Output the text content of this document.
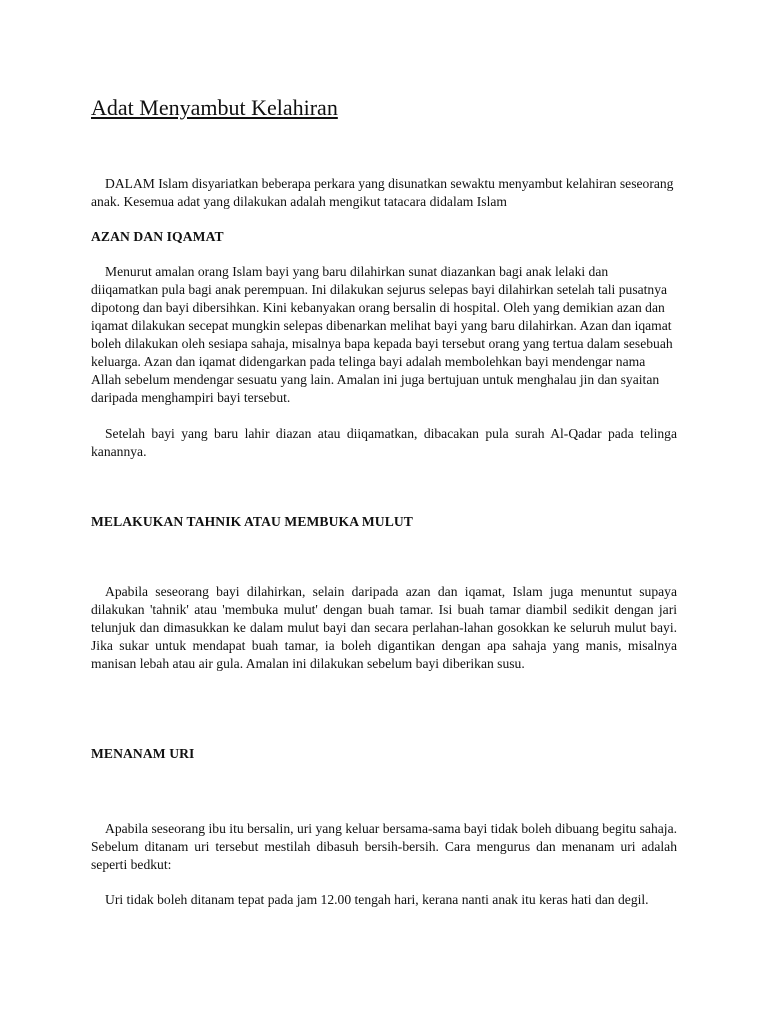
Adat Menyambut Kelahiran

DALAM Islam disyariatkan beberapa perkara yang disunatkan sewaktu menyambut kelahiran seseorang anak. Kesemua adat yang dilakukan adalah mengikut tatacara didalam Islam

AZAN DAN IQAMAT

Menurut amalan orang Islam bayi yang baru dilahirkan sunat diazankan bagi anak lelaki dan diiqamatkan pula bagi anak perempuan. Ini dilakukan sejurus selepas bayi dilahirkan setelah tali pusatnya dipotong dan bayi dibersihkan. Kini kebanyakan orang bersalin di hospital. Oleh yang demikian azan dan iqamat dilakukan secepat mungkin selepas dibenarkan melihat bayi yang baru dilahirkan. Azan dan iqamat boleh dilakukan oleh sesiapa sahaja, misalnya bapa kepada bayi tersebut orang yang tertua dalam sesebuah keluarga. Azan dan iqamat didengarkan pada telinga bayi adalah membolehkan bayi mendengar nama Allah sebelum mendengar sesuatu yang lain. Amalan ini juga bertujuan untuk menghalau jin dan syaitan daripada menghampiri bayi tersebut.

Setelah bayi yang baru lahir diazan atau diiqamatkan, dibacakan pula surah Al-Qadar pada telinga kanannya.

MELAKUKAN TAHNIK ATAU MEMBUKA MULUT

Apabila seseorang bayi dilahirkan, selain daripada azan dan iqamat, Islam juga menuntut supaya dilakukan 'tahnik' atau 'membuka mulut' dengan buah tamar. Isi buah tamar diambil sedikit dengan jari telunjuk dan dimasukkan ke dalam mulut bayi dan secara perlahan-lahan gosokkan ke seluruh mulut bayi. Jika sukar untuk mendapat buah tamar, ia boleh digantikan dengan apa sahaja yang manis, misalnya manisan lebah atau air gula. Amalan ini dilakukan sebelum bayi diberikan susu.

MENANAM URI

Apabila seseorang ibu itu bersalin, uri yang keluar bersama-sama bayi tidak boleh dibuang begitu sahaja. Sebelum ditanam uri tersebut mestilah dibasuh bersih-bersih. Cara mengurus dan menanam uri adalah seperti bedkut:

Uri tidak boleh ditanam tepat pada jam 12.00 tengah hari, kerana nanti anak itu keras hati dan degil.
